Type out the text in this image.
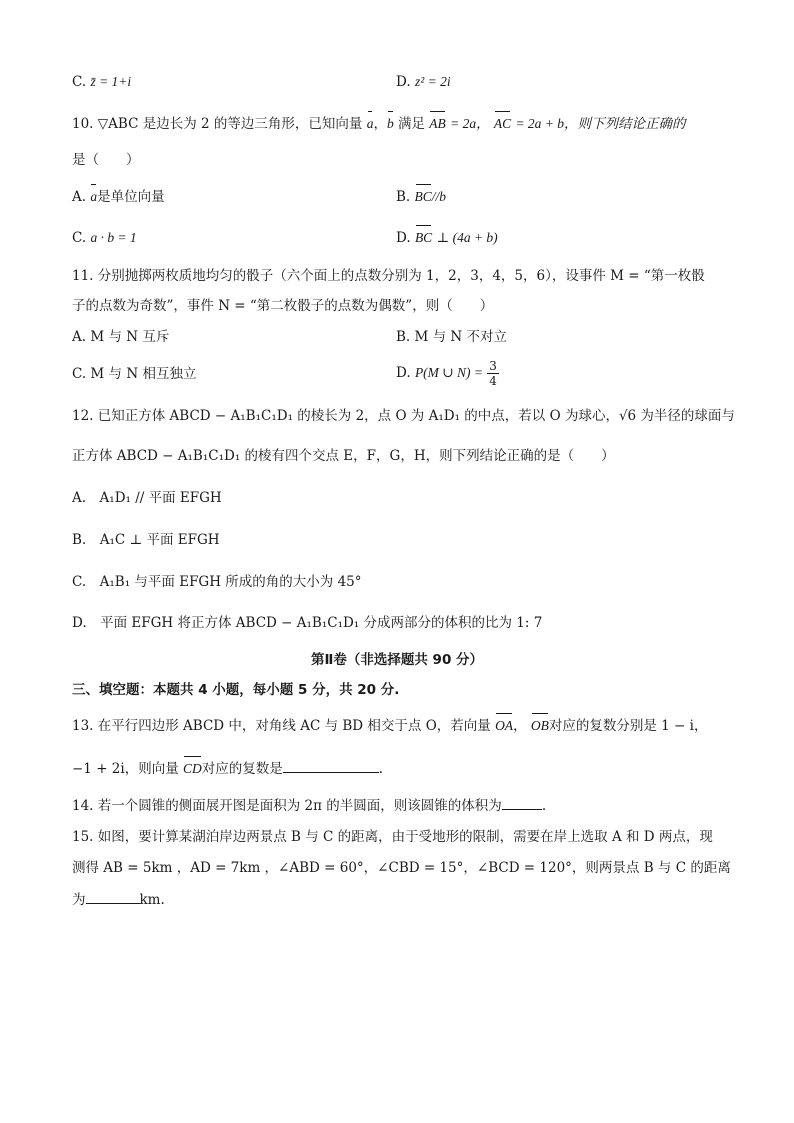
C. z̄ = 1+i	D. z² = 2i
10. ▽ABC 是边长为 2 的等边三角形，已知向量 a，b 满足 AB = 2a， AC = 2a + b，则下列结论正确的
是（　　）
A. a是单位向量	B. BC//b
C. a · b = 1	D. BC ⊥ (4a + b)
11. 分别抛掷两枚质地均匀的骰子（六个面上的点数分别为 1，2，3，4，5，6），设事件 M = “第一枚骰
子的点数为奇数”，事件 N = “第二枚骰子的点数为偶数”，则（　　）
A. M 与 N 互斥	B. M 与 N 不对立
C. M 与 N 相互独立	D. P(M ∪ $N) = \frac{3}{4}$
12. 已知正方体 ABCD − A₁B₁C₁D₁ 的棱长为 2，点 O 为 A₁D₁ 的中点，若以 O 为球心，√6 为半径的球面与
正方体 ABCD − A₁B₁C₁D₁ 的棱有四个交点 E，F，G，H，则下列结论正确的是（　　）
A.　A₁D₁ // 平面 EFGH
B.　A₁C ⊥ 平面 EFGH
C.　A₁B₁ 与平面 EFGH 所成的角的大小为 45°
D.　平面 EFGH 将正方体 ABCD − A₁B₁C₁D₁ 分成两部分的体积的比为 1: 7
第Ⅱ卷（非选择题共 90 分）
三、填空题：本题共 4 小题，每小题 5 分，共 20 分.
13. 在平行四边形 ABCD 中，对角线 AC 与 BD 相交于点 O，若向量 OA， OB对应的复数分别是 1 − i，
−1 + 2i，则向量 CD对应的复数是	.
14. 若一个圆锥的侧面展开图是面积为 2π 的半圆面，则该圆锥的体积为	.
15. 如图，要计算某湖泊岸边两景点 B 与 C 的距离，由于受地形的限制，需要在岸上选取 A 和 D 两点，现
测得 AB = 5km ，AD = 7km ，∠ABD = 60°，∠CBD = 15°，∠BCD = 120°，则两景点 B 与 C 的距离
为	km.
